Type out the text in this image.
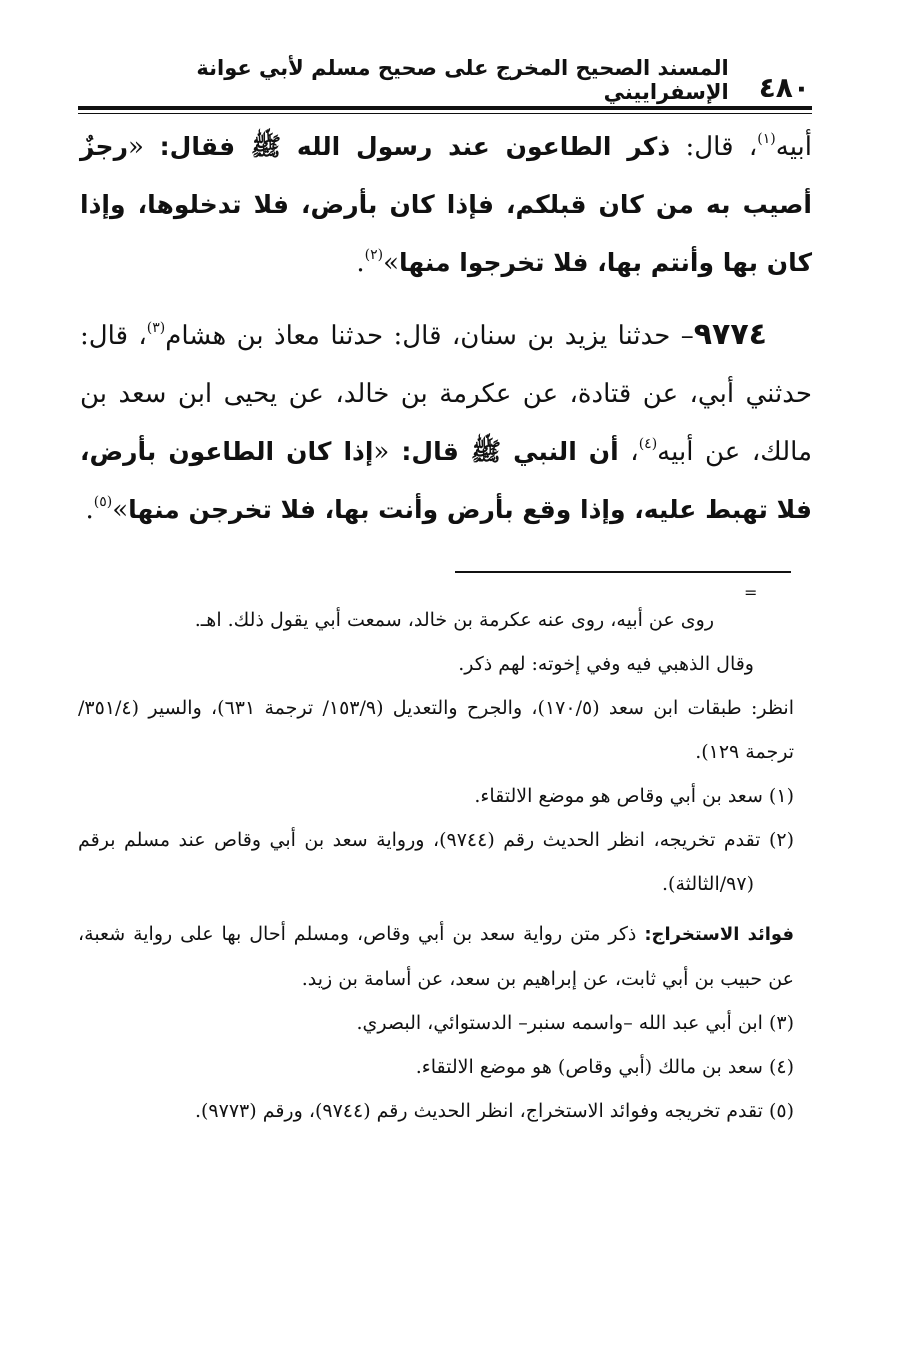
٤٨٠
المسند الصحيح المخرج على صحيح مسلم لأبي عوانة الإسفراييني

أبيه$^{(١)}$، قال: ذكر الطاعون عند رسول الله ﷺ فقال: «رجزٌ أصيب به من كان قبلكم، فإذا كان بأرض، فلا تدخلوها، وإذا كان بها وأنتم بها، فلا تخرجوا منها»$^{(٢)}$.

٩٧٧٤– حدثنا يزيد بن سنان، قال: حدثنا معاذ بن هشام$^{(٣)}$، قال: حدثني أبي، عن قتادة، عن عكرمة بن خالد، عن يحيى ابن سعد بن مالك، عن أبيه$^{(٤)}$، أن النبي ﷺ قال: «إذا كان الطاعون بأرض، فلا تهبط عليه، وإذا وقع بأرض وأنت بها، فلا تخرجن منها»$^{(٥)}$.

=

روى عن أبيه، روى عنه عكرمة بن خالد، سمعت أبي يقول ذلك. اهـ.

وقال الذهبي فيه وفي إخوته: لهم ذكر.

انظر: طبقات ابن سعد (١٧٠/٥)، والجرح والتعديل (١٥٣/٩/ ترجمة ٦٣١)، والسير (٣٥١/٤/ ترجمة ١٢٩).

(١) سعد بن أبي وقاص هو موضع الالتقاء.

(٢) تقدم تخريجه، انظر الحديث رقم (٩٧٤٤)، ورواية سعد بن أبي وقاص عند مسلم برقم (٩٧/الثالثة).

فوائد الاستخراج: ذكر متن رواية سعد بن أبي وقاص، ومسلم أحال بها على رواية شعبة، عن حبيب بن أبي ثابت، عن إبراهيم بن سعد، عن أسامة بن زيد.

(٣) ابن أبي عبد الله –واسمه سنبر– الدستوائي، البصري.

(٤) سعد بن مالك (أبي وقاص) هو موضع الالتقاء.

(٥) تقدم تخريجه وفوائد الاستخراج، انظر الحديث رقم (٩٧٤٤)، ورقم (٩٧٧٣).
